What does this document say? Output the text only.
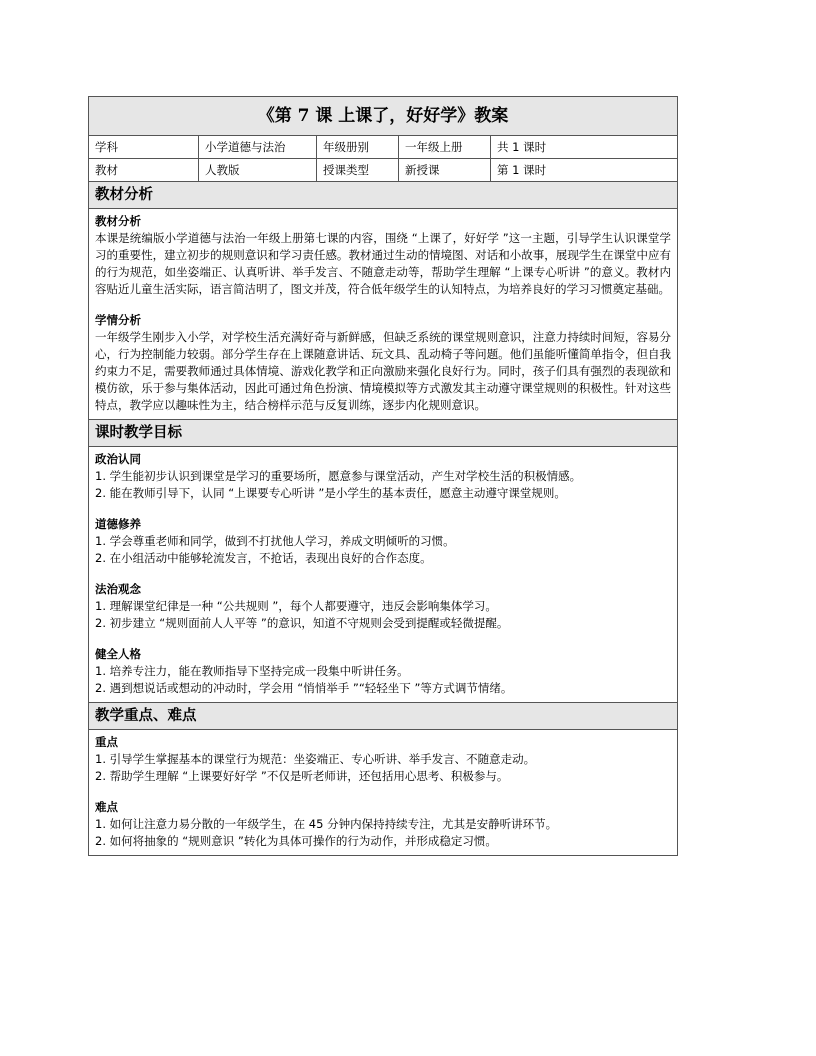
《第 7 课 上课了，好好学》教案
学科	小学道德与法治	年级册别	一年级上册	共 1 课时
教材	人教版	授课类型	新授课	第 1 课时
教材分析
教材分析

本课是统编版小学道德与法治一年级上册第七课的内容，围绕 “上课了，好好学 ”这一主题，引导学生认识课堂学习的重要性，建立初步的规则意识和学习责任感。教材通过生动的情境图、对话和小故事，展现学生在课堂中应有的行为规范，如坐姿端正、认真听讲、举手发言、不随意走动等，帮助学生理解 “上课专心听讲 ”的意义。教材内容贴近儿童生活实际，语言简洁明了，图文并茂，符合低年级学生的认知特点，为培养良好的学习习惯奠定基础。

学情分析

一年级学生刚步入小学，对学校生活充满好奇与新鲜感，但缺乏系统的课堂规则意识，注意力持续时间短，容易分心，行为控制能力较弱。部分学生存在上课随意讲话、玩文具、乱动椅子等问题。他们虽能听懂简单指令，但自我约束力不足，需要教师通过具体情境、游戏化教学和正向激励来强化良好行为。同时，孩子们具有强烈的表现欲和模仿欲，乐于参与集体活动，因此可通过角色扮演、情境模拟等方式激发其主动遵守课堂规则的积极性。针对这些特点，教学应以趣味性为主，结合榜样示范与反复训练，逐步内化规则意识。

课时教学目标
政治认同
1. 学生能初步认识到课堂是学习的重要场所，愿意参与课堂活动，产生对学校生活的积极情感。
2. 能在教师引导下，认同 “上课要专心听讲 ”是小学生的基本责任，愿意主动遵守课堂规则。
道德修养
1. 学会尊重老师和同学，做到不打扰他人学习，养成文明倾听的习惯。
2. 在小组活动中能够轮流发言，不抢话，表现出良好的合作态度。
法治观念
1. 理解课堂纪律是一种 “公共规则 ”，每个人都要遵守，违反会影响集体学习。
2. 初步建立 “规则面前人人平等 ”的意识，知道不守规则会受到提醒或轻微提醒。
健全人格
1. 培养专注力，能在教师指导下坚持完成一段集中听讲任务。
2. 遇到想说话或想动的冲动时，学会用 “悄悄举手 ”“轻轻坐下 ”等方式调节情绪。
教学重点、难点
重点
1. 引导学生掌握基本的课堂行为规范：坐姿端正、专心听讲、举手发言、不随意走动。
2. 帮助学生理解 “上课要好好学 ”不仅是听老师讲，还包括用心思考、积极参与。
难点
1. 如何让注意力易分散的一年级学生，在 45 分钟内保持持续专注，尤其是安静听讲环节。
2. 如何将抽象的 “规则意识 ”转化为具体可操作的行为动作，并形成稳定习惯。
